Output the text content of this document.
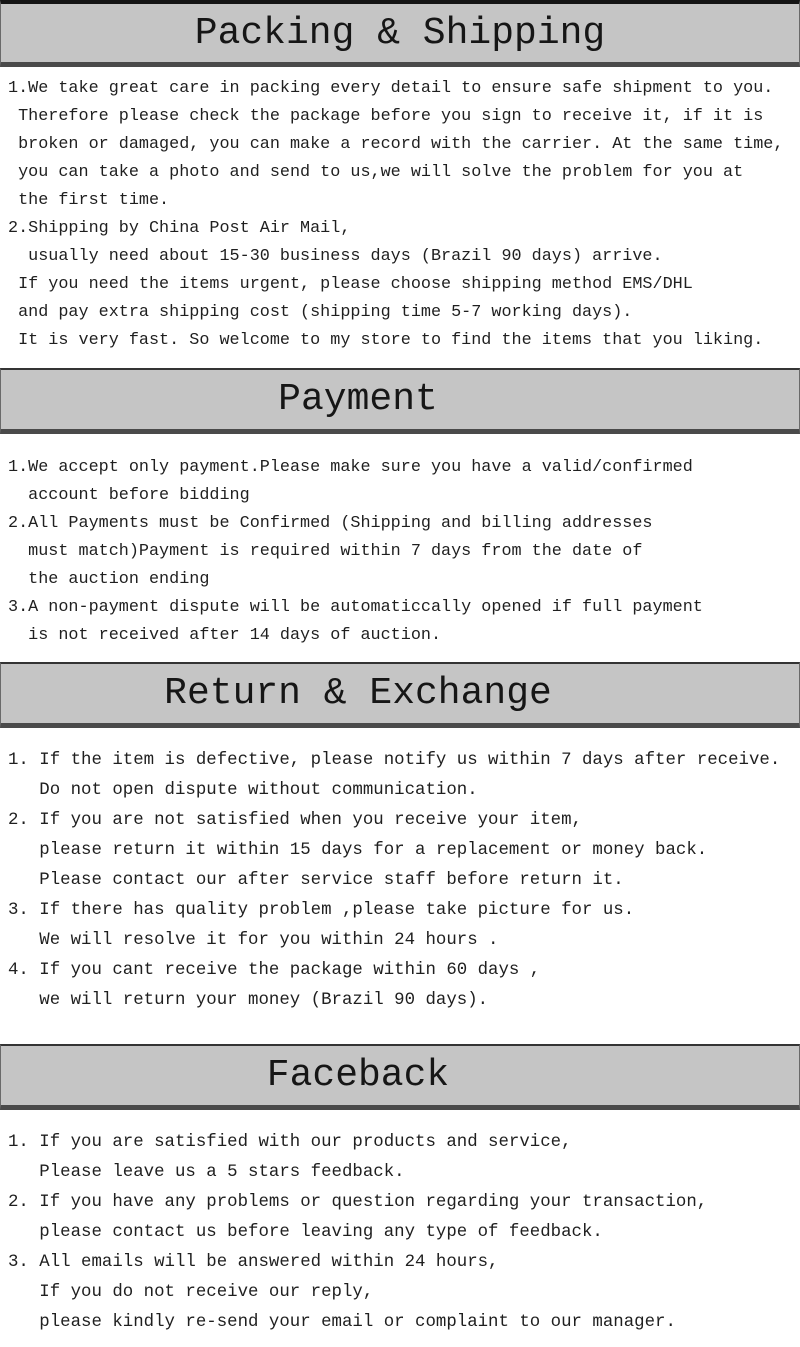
Packing & Shipping
1.We take great care in packing every detail to ensure safe shipment to you.
Therefore please check the package before you sign to receive it, if it is
broken or damaged, you can make a record with the carrier. At the same time,
you can take a photo and send to us,we will solve the problem for you at
the first time.
2.Shipping by China Post Air Mail,
usually need about 15-30 business days (Brazil 90 days) arrive.
If you need the items urgent, please choose shipping method EMS/DHL
and pay extra shipping cost (shipping time 5-7 working days).
It is very fast. So welcome to my store to find the items that you liking.
Payment
1.We accept only payment.Please make sure you have a valid/confirmed
account before bidding
2.All Payments must be Confirmed (Shipping and billing addresses
must match)Payment is required within 7 days from the date of
the auction ending
3.A non-payment dispute will be automaticcally opened if full payment
is not received after 14 days of auction.
Return & Exchange
1. If the item is defective, please notify us within 7 days after receive.
Do not open dispute without communication.
2. If you are not satisfied when you receive your item,
please return it within 15 days for a replacement or money back.
Please contact our after service staff before return it.
3. If there has quality problem ,please take picture for us.
We will resolve it for you within 24 hours .
4. If you cant receive the package within 60 days ,
we will return your money (Brazil 90 days).
Faceback
1. If you are satisfied with our products and service,
Please leave us a 5 stars feedback.
2. If you have any problems or question regarding your transaction,
please contact us before leaving any type of feedback.
3. All emails will be answered within 24 hours,
If you do not receive our reply,
please kindly re-send your email or complaint to our manager.
